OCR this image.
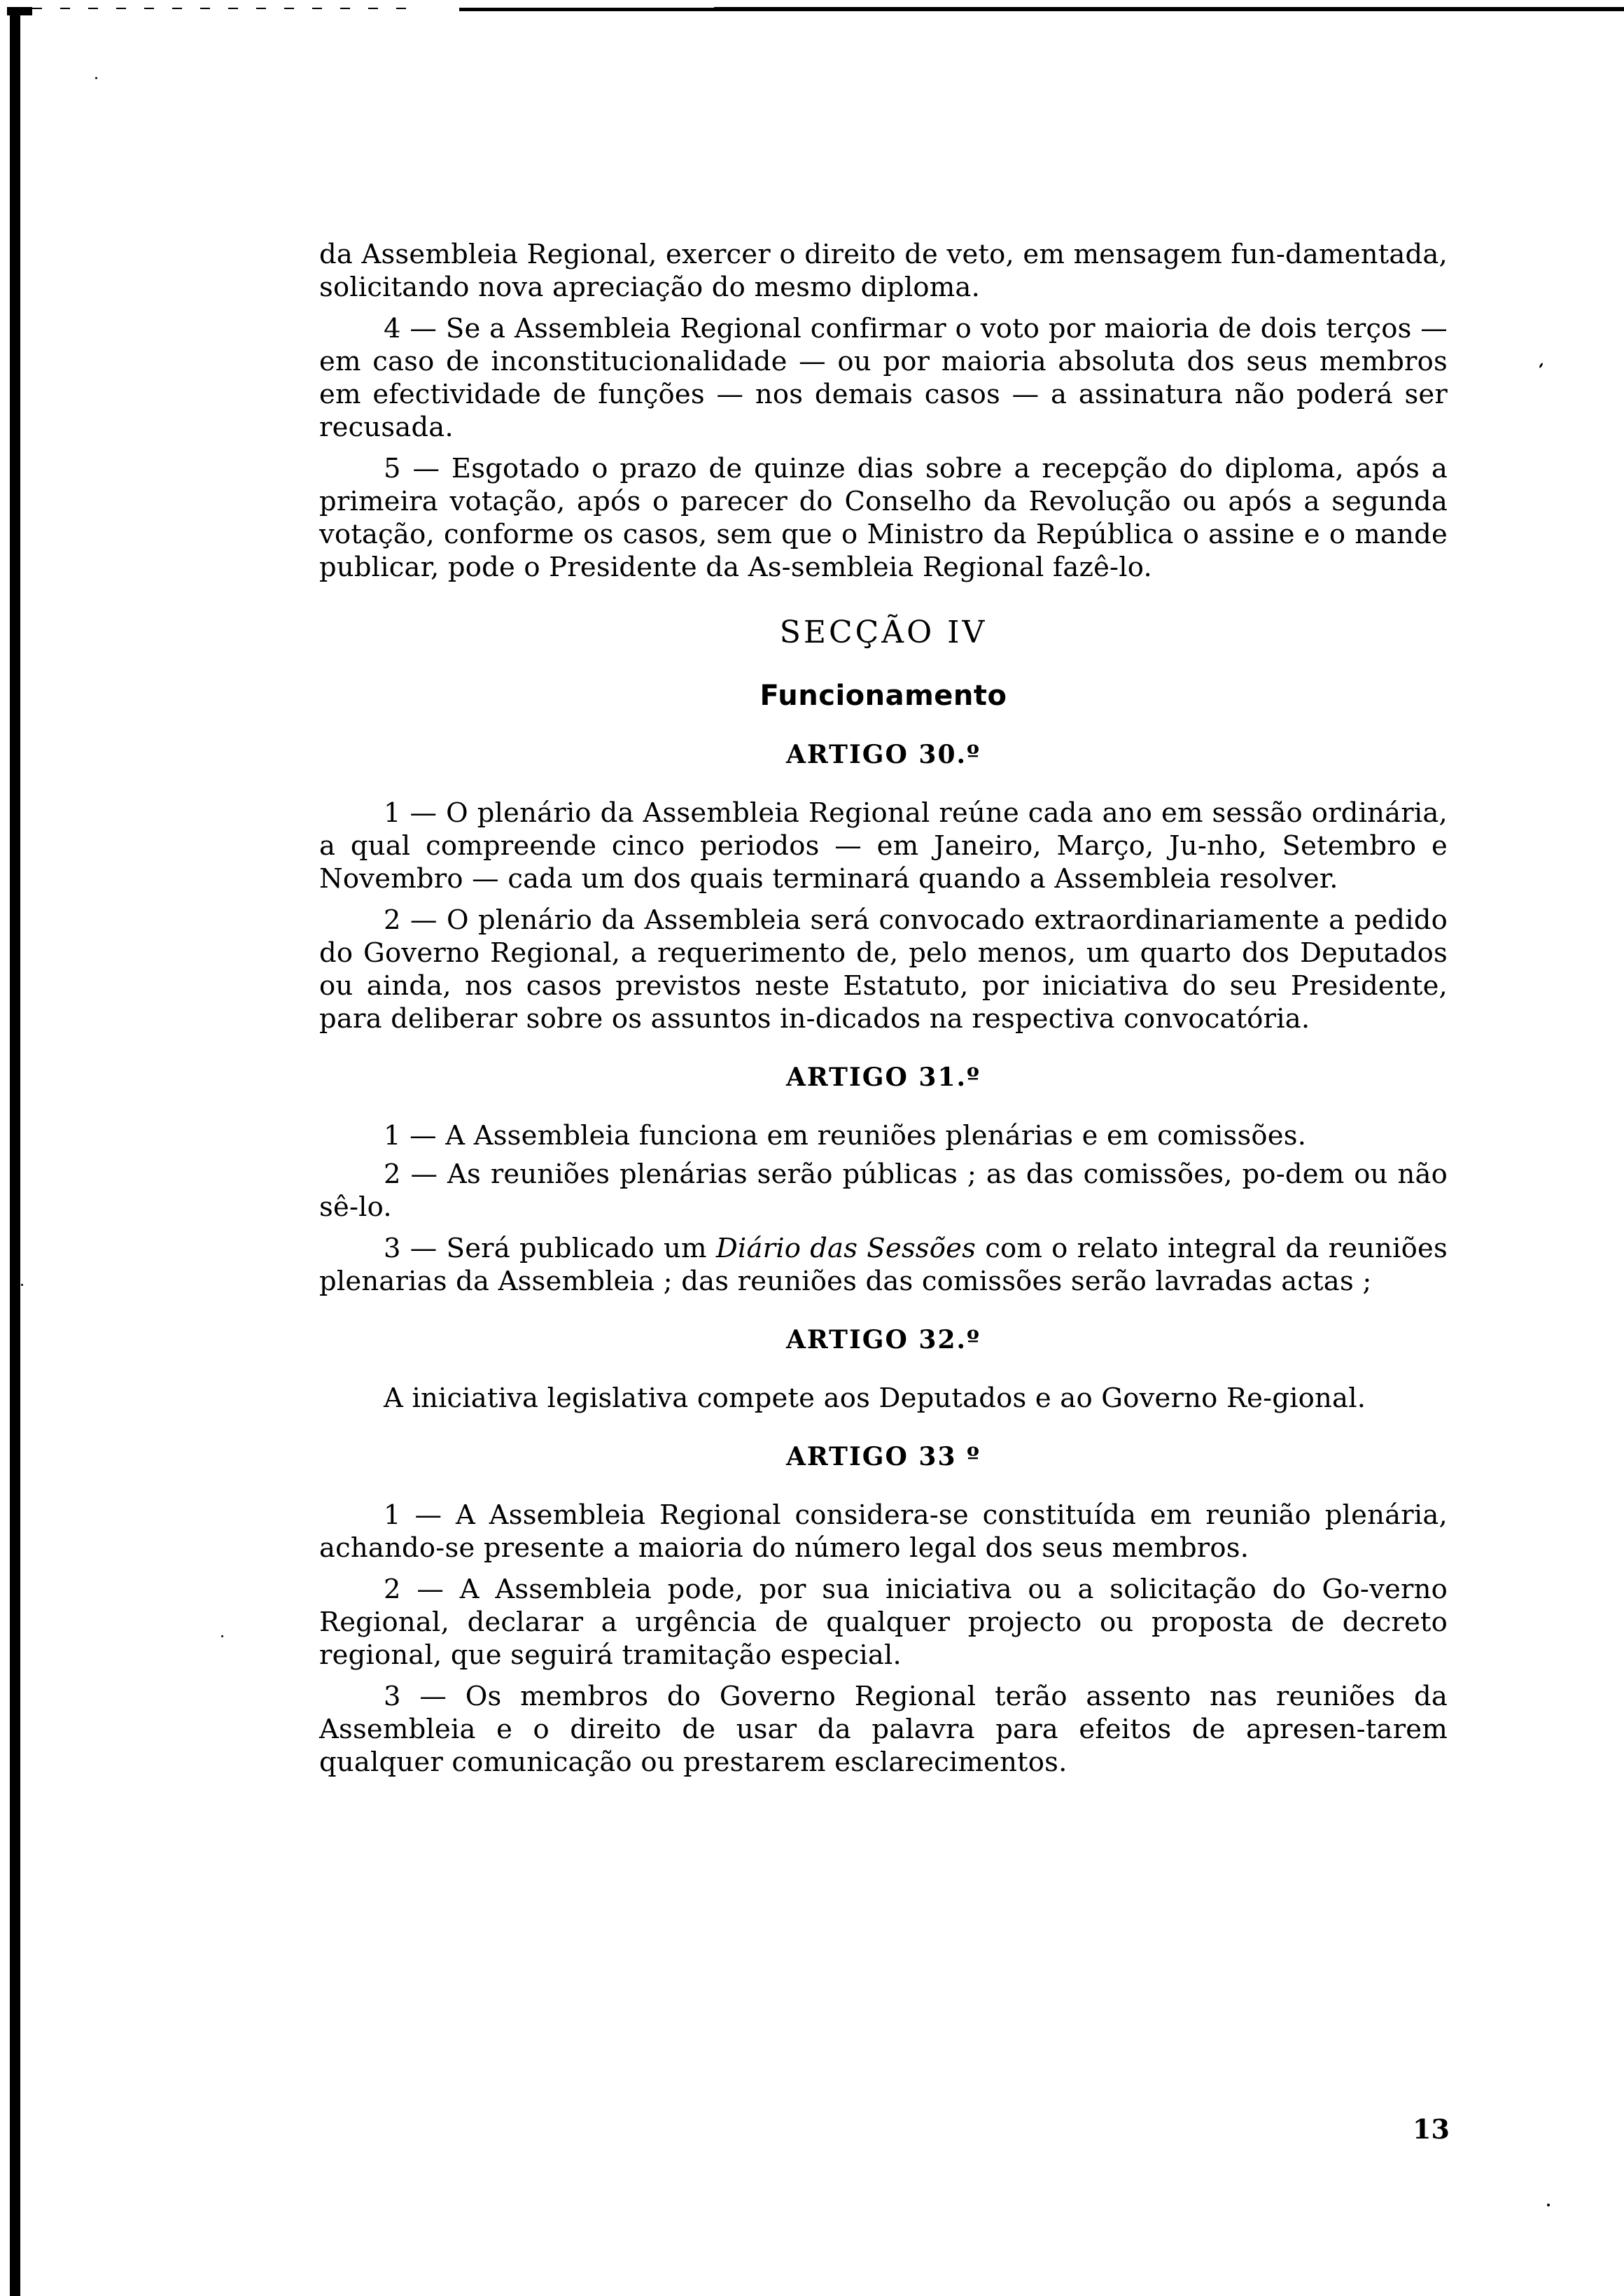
da Assembleia Regional, exercer o direito de veto, em mensagem fun-damentada, solicitando nova apreciação do mesmo diploma.

4 — Se a Assembleia Regional confirmar o voto por maioria de dois terços — em caso de inconstitucionalidade — ou por maioria absoluta dos seus membros em efectividade de funções — nos demais casos — a assinatura não poderá ser recusada.

5 — Esgotado o prazo de quinze dias sobre a recepção do diploma, após a primeira votação, após o parecer do Conselho da Revolução ou após a segunda votação, conforme os casos, sem que o Ministro da República o assine e o mande publicar, pode o Presidente da As-sembleia Regional fazê-lo.

SECÇÃO IV
Funcionamento
ARTIGO 30.º

1 — O plenário da Assembleia Regional reúne cada ano em sessão ordinária, a qual compreende cinco periodos — em Janeiro, Março, Ju-nho, Setembro e Novembro — cada um dos quais terminará quando a Assembleia resolver.

2 — O plenário da Assembleia será convocado extraordinariamente a pedido do Governo Regional, a requerimento de, pelo menos, um quarto dos Deputados ou ainda, nos casos previstos neste Estatuto, por iniciativa do seu Presidente, para deliberar sobre os assuntos in-dicados na respectiva convocatória.

ARTIGO 31.º

1 — A Assembleia funciona em reuniões plenárias e em comissões.

2 — As reuniões plenárias serão públicas ; as das comissões, po-dem ou não sê-lo.

3 — Será publicado um Diário das Sessões com o relato integral da reuniões plenarias da Assembleia ; das reuniões das comissões serão lavradas actas ;

ARTIGO 32.º

A iniciativa legislativa compete aos Deputados e ao Governo Re-gional.

ARTIGO 33 º

1 — A Assembleia Regional considera-se constituída em reunião plenária, achando-se presente a maioria do número legal dos seus membros.

2 — A Assembleia pode, por sua iniciativa ou a solicitação do Go-verno Regional, declarar a urgência de qualquer projecto ou proposta de decreto regional, que seguirá tramitação especial.

3 — Os membros do Governo Regional terão assento nas reuniões da Assembleia e o direito de usar da palavra para efeitos de apresen-tarem qualquer comunicação ou prestarem esclarecimentos.

13
